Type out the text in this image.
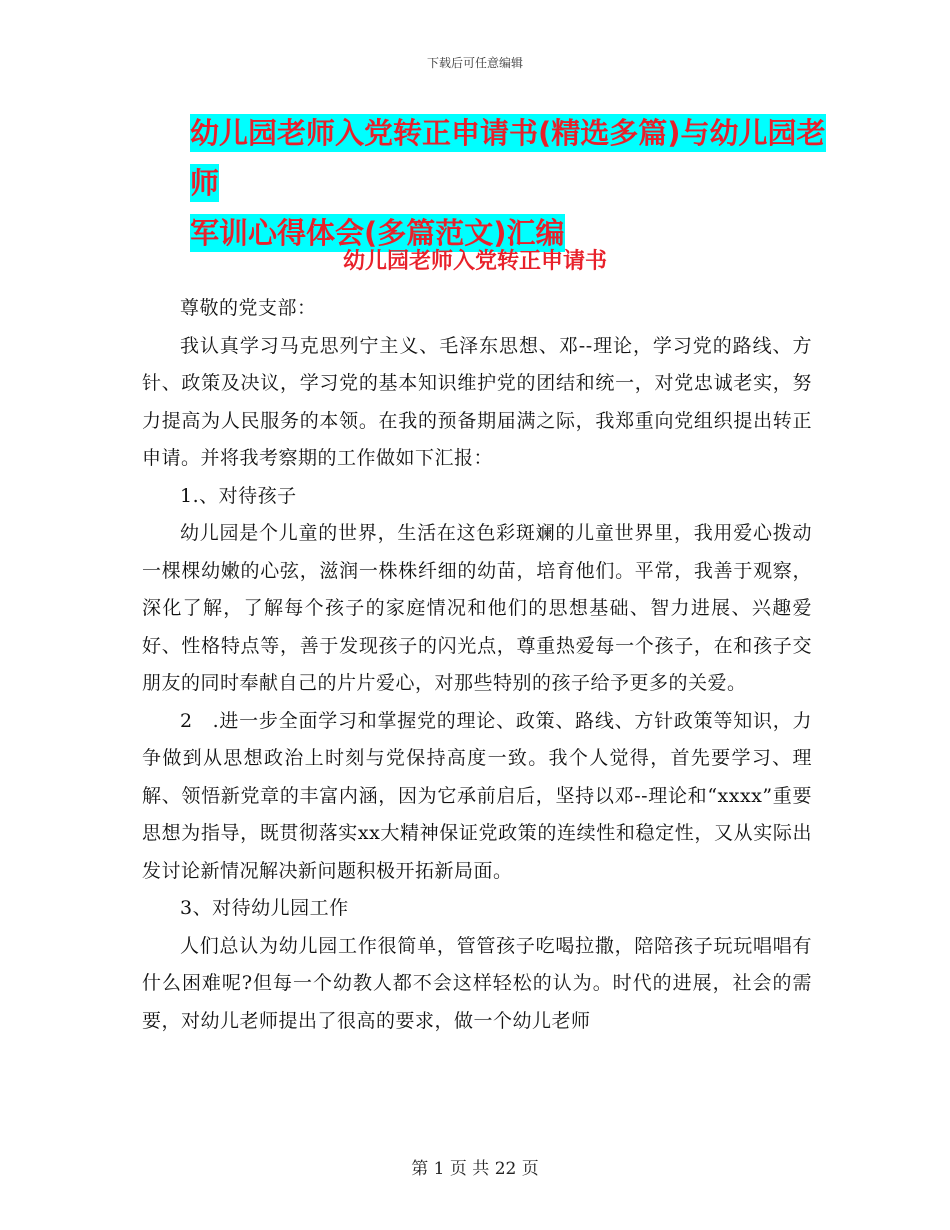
下载后可任意编辑
幼儿园老师入党转正申请书(精选多篇)与幼儿园老师
军训心得体会(多篇范文)汇编
幼儿园老师入党转正申请书

尊敬的党支部：

我认真学习马克思列宁主义、毛泽东思想、邓--理论，学习党的路线、方针、政策及决议，学习党的基本知识维护党的团结和统一，对党忠诚老实，努力提高为人民服务的本领。在我的预备期届满之际，我郑重向党组织提出转正申请。并将我考察期的工作做如下汇报：

1.、对待孩子

幼儿园是个儿童的世界，生活在这色彩斑斓的儿童世界里，我用爱心拨动一棵棵幼嫩的心弦，滋润一株株纤细的幼苗，培育他们。平常，我善于观察，深化了解，了解每个孩子的家庭情况和他们的思想基础、智力进展、兴趣爱好、性格特点等，善于发现孩子的闪光点，尊重热爱每一个孩子，在和孩子交朋友的同时奉献自己的片片爱心，对那些特别的孩子给予更多的关爱。

2　.进一步全面学习和掌握党的理论、政策、路线、方针政策等知识，力争做到从思想政治上时刻与党保持高度一致。我个人觉得，首先要学习、理解、领悟新党章的丰富内涵，因为它承前启后，坚持以邓--理论和“xxxx”重要思想为指导，既贯彻落实xx大精神保证党政策的连续性和稳定性，又从实际出发讨论新情况解决新问题积极开拓新局面。

3、对待幼儿园工作

人们总认为幼儿园工作很简单，管管孩子吃喝拉撒，陪陪孩子玩玩唱唱有什么困难呢?但每一个幼教人都不会这样轻松的认为。时代的进展，社会的需要，对幼儿老师提出了很高的要求，做一个幼儿老师

第 1 页 共 22 页
